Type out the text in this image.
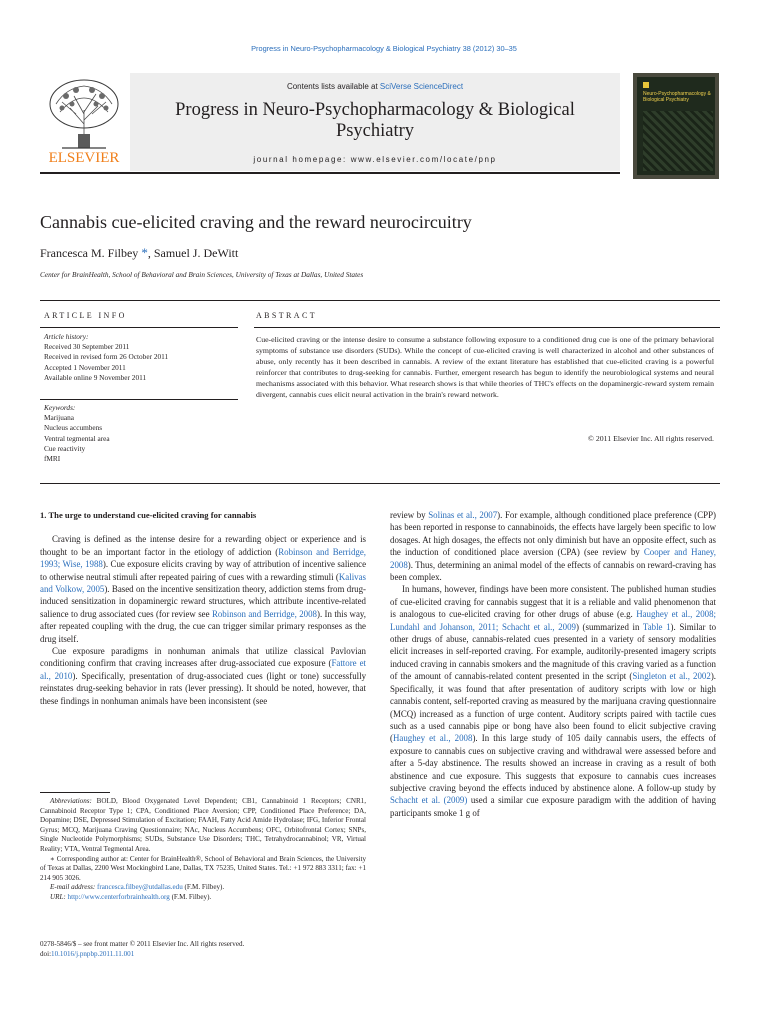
Progress in Neuro-Psychopharmacology & Biological Psychiatry 38 (2012) 30–35
ELSEVIER
Contents lists available at SciVerse ScienceDirect
Progress in Neuro-Psychopharmacology & Biological
Psychiatry
journal homepage: www.elsevier.com/locate/pnp
Neuro-Psychopharmacology & Biological Psychiatry
Cannabis cue-elicited craving and the reward neurocircuitry
Francesca M. Filbey *, Samuel J. DeWitt
Center for BrainHealth, School of Behavioral and Brain Sciences, University of Texas at Dallas, United States
ARTICLE INFO	ABSTRACT
Article history:
Received 30 September 2011
Received in revised form 26 October 2011
Accepted 1 November 2011
Available online 9 November 2011
Keywords:
Marijuana
Nucleus accumbens
Ventral tegmental area
Cue reactivity
fMRI
Cue-elicited craving or the intense desire to consume a substance following exposure to a conditioned drug cue is one of the primary behavioral symptoms of substance use disorders (SUDs). While the concept of cue-elicited craving is well characterized in alcohol and other substances of abuse, only recently has it been described in cannabis. A review of the extant literature has established that cue-elicited craving is a powerful reinforcer that contributes to drug-seeking for cannabis. Further, emergent research has begun to identify the neurobiological systems and neural mechanisms associated with this behavior. What research shows is that while theories of THC's effects on the dopaminergic-reward system remain divergent, cannabis cues elicit neural activation in the brain's reward network.
© 2011 Elsevier Inc. All rights reserved.

1. The urge to understand cue-elicited craving for cannabis

Craving is defined as the intense desire for a rewarding object or experience and is thought to be an important factor in the etiology of addiction (Robinson and Berridge, 1993; Wise, 1988). Cue exposure elicits craving by way of attribution of incentive salience to otherwise neutral stimuli after repeated pairing of cues with a rewarding stimuli (Kalivas and Volkow, 2005). Based on the incentive sensitization theory, addiction stems from drug-induced sensitization in dopaminergic reward structures, which attribute incentive-related salience to drug associated cues (for review see Robinson and Berridge, 2008). In this way, after repeated coupling with the drug, the cue can trigger similar primary responses as the drug itself.

Cue exposure paradigms in nonhuman animals that utilize classical Pavlovian conditioning confirm that craving increases after drug-associated cue exposure (Fattore et al., 2010). Specifically, presentation of drug-associated cues (light or tone) successfully reinstates drug-seeking behavior in rats (lever pressing). It should be noted, however, that these findings in nonhuman animals have been inconsistent (see

Abbreviations: BOLD, Blood Oxygenated Level Dependent; CB1, Cannabinoid 1 Receptors; CNR1, Cannabinoid Receptor Type 1; CPA, Conditioned Place Aversion; CPP, Conditioned Place Preference; DA, Dopamine; DSE, Depressed Stimulation of Excitation; FAAH, Fatty Acid Amide Hydrolase; IFG, Inferior Frontal Gyrus; MCQ, Marijuana Craving Questionnaire; NAc, Nucleus Accumbens; OFC, Orbitofrontal Cortex; SNPs, Single Nucleotide Polymorphisms; SUDs, Substance Use Disorders; THC, Tetrahydrocannabinol; VR, Virtual Reality; VTA, Ventral Tegmental Area.

∗ Corresponding author at: Center for BrainHealth®, School of Behavioral and Brain Sciences, the University of Texas at Dallas, 2200 West Mockingbird Lane, Dallas, TX 75235, United States. Tel.: +1 972 883 3311; fax: +1 214 905 3026.

E-mail address: francesca.filbey@utdallas.edu (F.M. Filbey).

URL: http://www.centerforbrainhealth.org (F.M. Filbey).

0278-5846/$ – see front matter © 2011 Elsevier Inc. All rights reserved.
doi:10.1016/j.pnpbp.2011.11.001

review by Solinas et al., 2007). For example, although conditioned place preference (CPP) has been reported in response to cannabinoids, the effects have largely been specific to low dosages. At high dosages, the effects not only diminish but have an opposite effect, such as the induction of conditioned place aversion (CPA) (see review by Cooper and Haney, 2008). Thus, determining an animal model of the effects of cannabis on reward-craving has been complex.

In humans, however, findings have been more consistent. The published human studies of cue-elicited craving for cannabis suggest that it is a reliable and valid phenomenon that is analogous to cue-elicited craving for other drugs of abuse (e.g. Haughey et al., 2008; Lundahl and Johanson, 2011; Schacht et al., 2009) (summarized in Table 1). Similar to other drugs of abuse, cannabis-related cues presented in a variety of sensory modalities elicit increases in self-reported craving. For example, auditorily-presented imagery scripts induced craving in cannabis smokers and the magnitude of this craving varied as a function of the amount of cannabis-related content presented in the script (Singleton et al., 2002). Specifically, it was found that after presentation of auditory scripts with low or high cannabis content, self-reported craving as measured by the marijuana craving questionnaire (MCQ) increased as a function of urge content. Auditory scripts paired with tactile cues such as a used cannabis pipe or bong have also been found to elicit subjective craving (Haughey et al., 2008). In this large study of 105 daily cannabis users, the effects of exposure to cannabis cues on subjective craving and withdrawal were assessed before and after a 5-day abstinence. The results showed an increase in craving as a result of both abstinence and cue exposure. This suggests that exposure to cannabis cues increases subjective craving beyond the effects induced by abstinence alone. A follow-up study by Schacht et al. (2009) used a similar cue exposure paradigm with the addition of having participants smoke 1 g of
